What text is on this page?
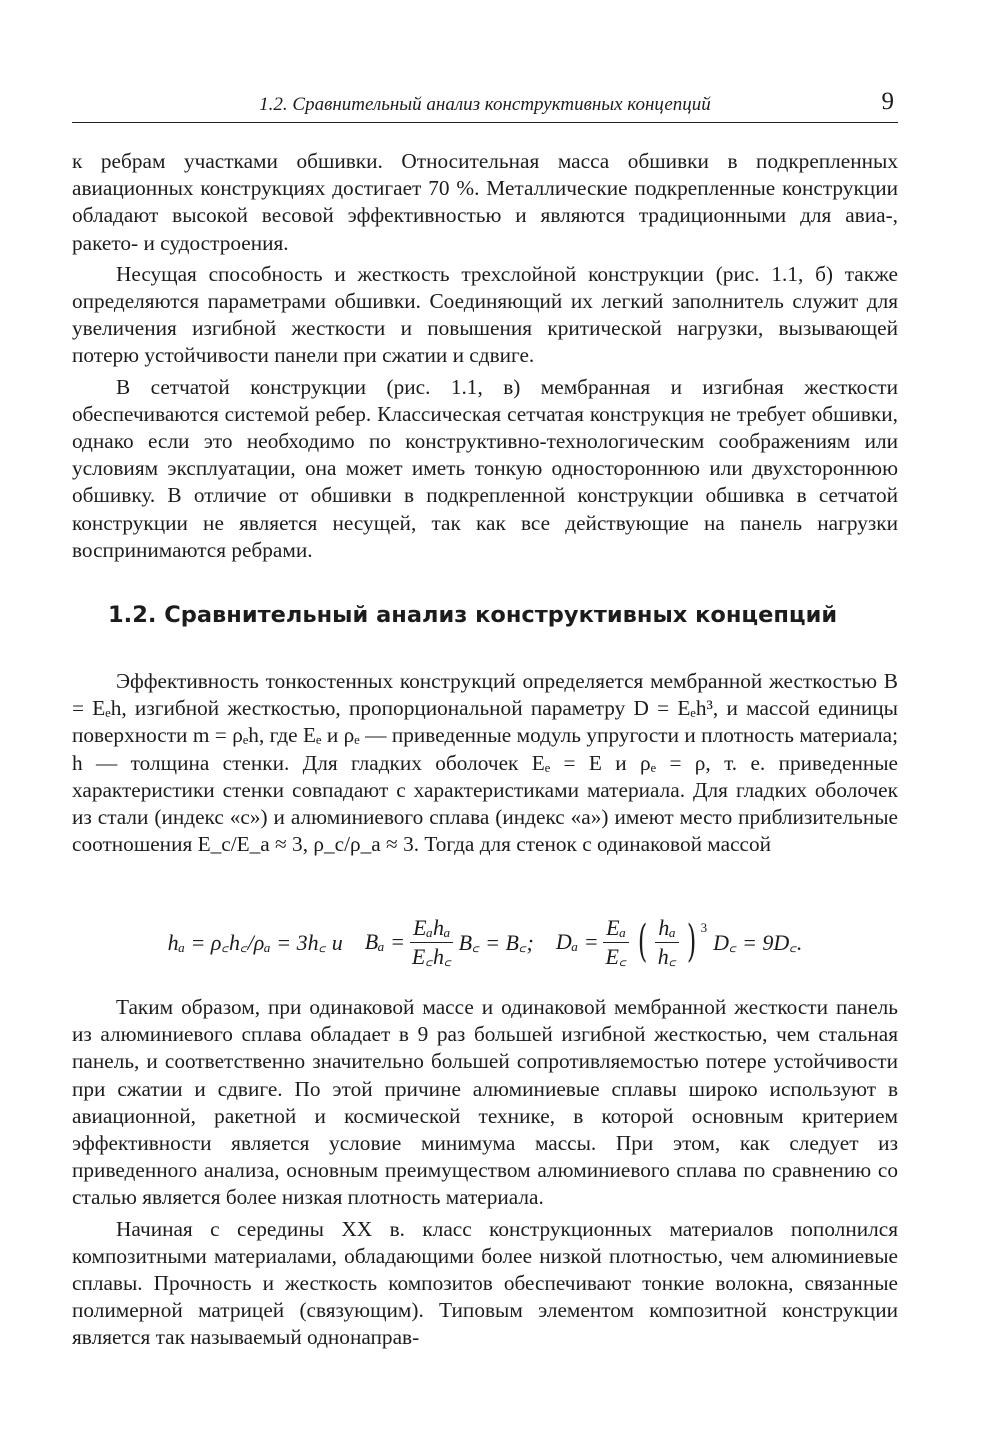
1.2. Сравнительный анализ конструктивных концепций	9

к ребрам участками обшивки. Относительная масса обшивки в подкрепленных авиационных конструкциях достигает 70 %. Металлические подкрепленные конструкции обладают высокой весовой эффективностью и являются традиционными для авиа-, ракето- и судостроения.

Несущая способность и жесткость трехслойной конструкции (рис. 1.1, б) также определяются параметрами обшивки. Соединяющий их легкий заполнитель служит для увеличения изгибной жесткости и повышения критической нагрузки, вызывающей потерю устойчивости панели при сжатии и сдвиге.

В сетчатой конструкции (рис. 1.1, в) мембранная и изгибная жесткости обеспечиваются системой ребер. Классическая сетчатая конструкция не требует обшивки, однако если это необходимо по конструктивно-технологическим соображениям или условиям эксплуатации, она может иметь тонкую одностороннюю или двухстороннюю обшивку. В отличие от обшивки в подкрепленной конструкции обшивка в сетчатой конструкции не является несущей, так как все действующие на панель нагрузки воспринимаются ребрами.

1.2. Сравнительный анализ конструктивных концепций

Эффективность тонкостенных конструкций определяется мембранной жесткостью B = Eₑh, изгибной жесткостью, пропорциональной параметру D = Eₑh³, и массой единицы поверхности m = ρₑh, где Eₑ и ρₑ — приведенные модуль упругости и плотность материала; h — толщина стенки. Для гладких оболочек Eₑ = E и ρₑ = ρ, т. е. приведенные характеристики стенки совпадают с характеристиками материала. Для гладких оболочек из стали (индекс «с») и алюминиевого сплава (индекс «а») имеют место приблизительные соотношения E_c/E_a ≈ 3, ρ_c/ρ_a ≈ 3. Тогда для стенок с одинаковой массой

hₐ = ρ꜀h꜀/ρₐ = 3h꜀ и $B_a = \frac{\text{Eₐhₐ}}{E꜀h꜀}$ B꜀ = B꜀; $D_a = \frac{\text{Eₐ}}{E꜀}$ ( $\frac{\text{hₐ}}{h꜀}$ ) $^3$
D꜀ = 9D꜀.

Таким образом, при одинаковой массе и одинаковой мембранной жесткости панель из алюминиевого сплава обладает в 9 раз большей изгибной жесткостью, чем стальная панель, и соответственно значительно большей сопротивляемостью потере устойчивости при сжатии и сдвиге. По этой причине алюминиевые сплавы широко используют в авиационной, ракетной и космической технике, в которой основным критерием эффективности является условие минимума массы. При этом, как следует из приведенного анализа, основным преимуществом алюминиевого сплава по сравнению со сталью является более низкая плотность материала.

Начиная с середины XX в. класс конструкционных материалов пополнился композитными материалами, обладающими более низкой плотностью, чем алюминиевые сплавы. Прочность и жесткость композитов обеспечивают тонкие волокна, связанные полимерной матрицей (связующим). Типовым элементом композитной конструкции является так называемый однонаправ-
